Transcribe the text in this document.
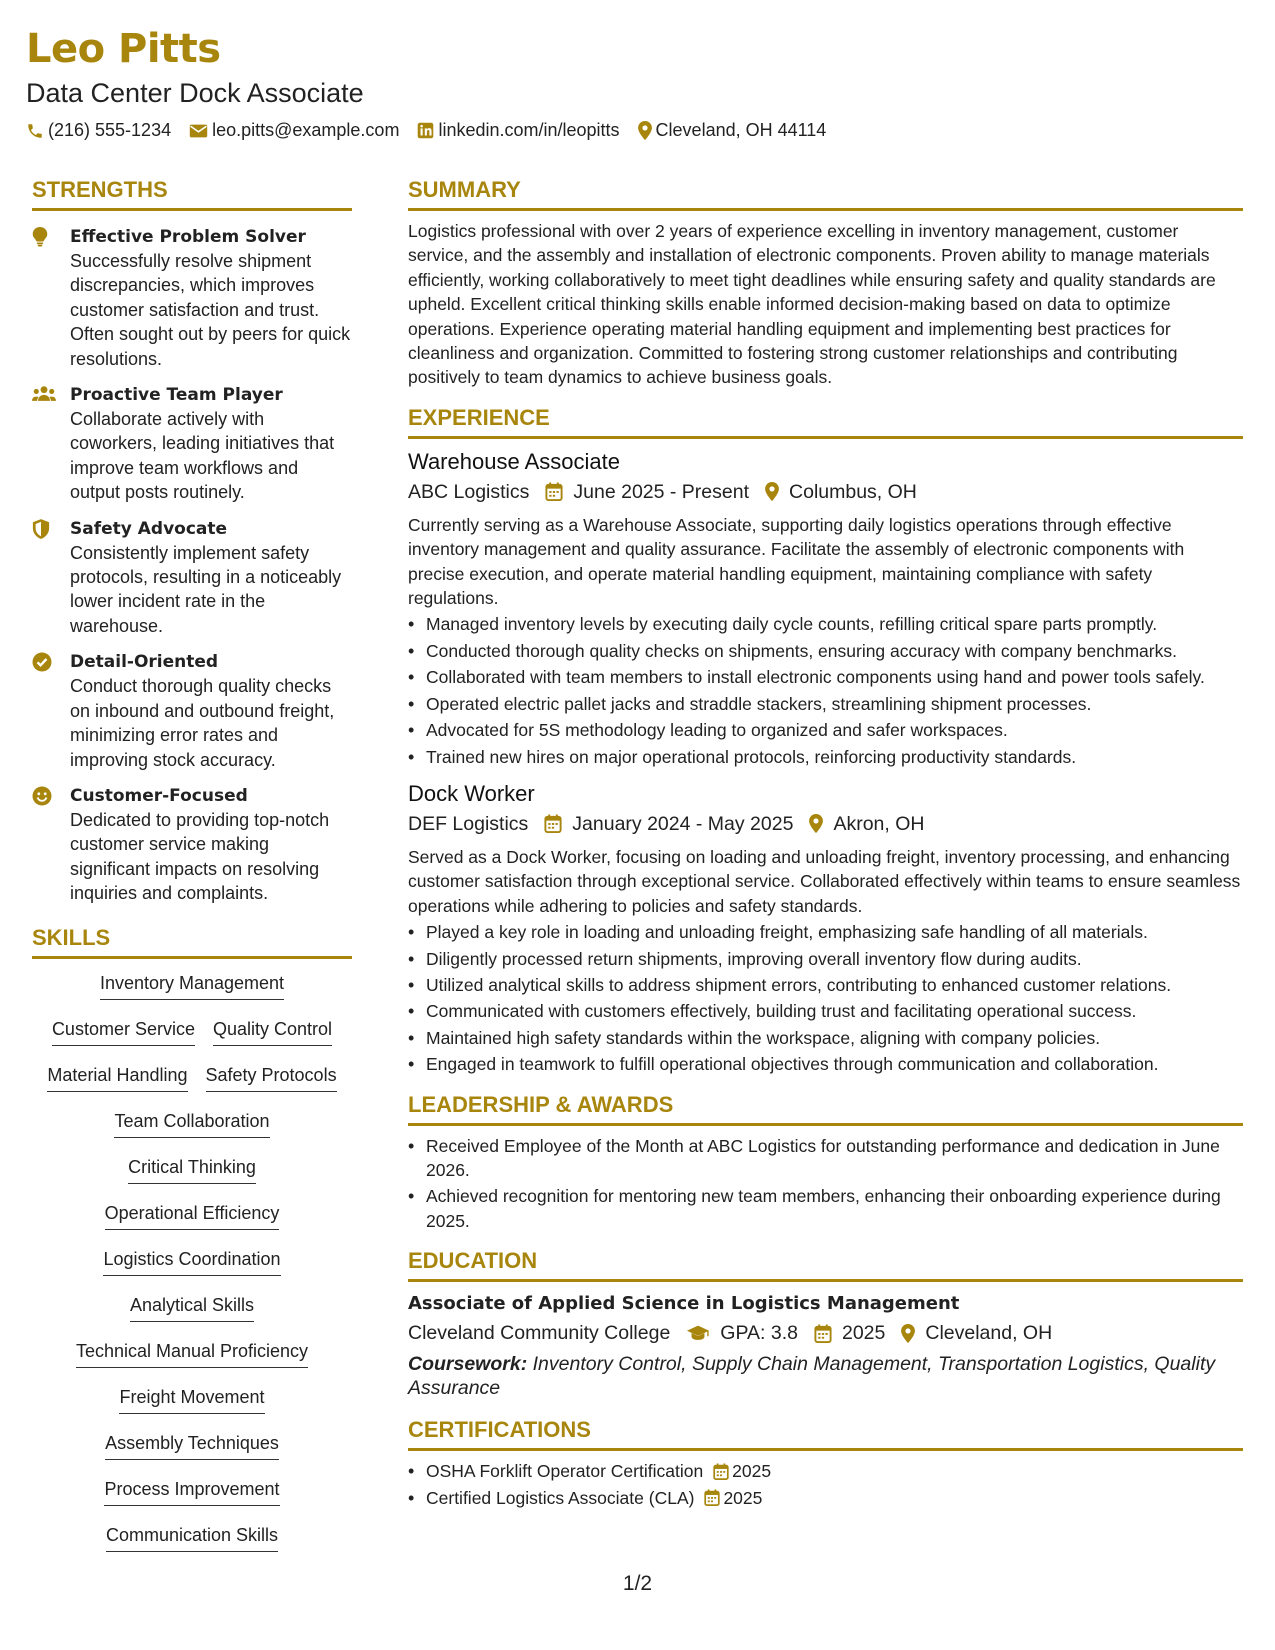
Leo Pitts
Data Center Dock Associate
(216) 555-1234 leo.pitts@example.com linkedin.com/in/leopitts Cleveland, OH 44114
STRENGTHS
Effective Problem Solver
Successfully resolve shipment discrepancies, which improves customer satisfaction and trust. Often sought out by peers for quick resolutions.
Proactive Team Player
Collaborate actively with coworkers, leading initiatives that improve team workflows and output posts routinely.
Safety Advocate
Consistently implement safety protocols, resulting in a noticeably lower incident rate in the warehouse.
Detail-Oriented
Conduct thorough quality checks on inbound and outbound freight, minimizing error rates and improving stock accuracy.
Customer-Focused
Dedicated to providing top-notch customer service making significant impacts on resolving inquiries and complaints.
SKILLS
Inventory Management
Customer Service Quality Control
Material Handling Safety Protocols
Team Collaboration
Critical Thinking
Operational Efficiency
Logistics Coordination
Analytical Skills
Technical Manual Proficiency
Freight Movement
Assembly Techniques
Process Improvement
Communication Skills
SUMMARY
Logistics professional with over 2 years of experience excelling in inventory management, customer service, and the assembly and installation of electronic components. Proven ability to manage materials efficiently, working collaboratively to meet tight deadlines while ensuring safety and quality standards are upheld. Excellent critical thinking skills enable informed decision-making based on data to optimize operations. Experience operating material handling equipment and implementing best practices for cleanliness and organization. Committed to fostering strong customer relationships and contributing positively to team dynamics to achieve business goals.
EXPERIENCE
Warehouse Associate
ABC Logistics June 2025 - Present Columbus, OH
Currently serving as a Warehouse Associate, supporting daily logistics operations through effective inventory management and quality assurance. Facilitate the assembly of electronic components with precise execution, and operate material handling equipment, maintaining compliance with safety regulations.
• Managed inventory levels by executing daily cycle counts, refilling critical spare parts promptly.
• Conducted thorough quality checks on shipments, ensuring accuracy with company benchmarks.
• Collaborated with team members to install electronic components using hand and power tools safely.
• Operated electric pallet jacks and straddle stackers, streamlining shipment processes.
• Advocated for 5S methodology leading to organized and safer workspaces.
• Trained new hires on major operational protocols, reinforcing productivity standards.
Dock Worker
DEF Logistics January 2024 - May 2025 Akron, OH
Served as a Dock Worker, focusing on loading and unloading freight, inventory processing, and enhancing customer satisfaction through exceptional service. Collaborated effectively within teams to ensure seamless operations while adhering to policies and safety standards.
• Played a key role in loading and unloading freight, emphasizing safe handling of all materials.
• Diligently processed return shipments, improving overall inventory flow during audits.
• Utilized analytical skills to address shipment errors, contributing to enhanced customer relations.
• Communicated with customers effectively, building trust and facilitating operational success.
• Maintained high safety standards within the workspace, aligning with company policies.
• Engaged in teamwork to fulfill operational objectives through communication and collaboration.
LEADERSHIP & AWARDS
• Received Employee of the Month at ABC Logistics for outstanding performance and dedication in June 2026.
• Achieved recognition for mentoring new team members, enhancing their onboarding experience during 2025.
EDUCATION
Associate of Applied Science in Logistics Management
Cleveland Community College	GPA: 3.8 2025 Cleveland, OH
Coursework: Inventory Control, Supply Chain Management, Transportation Logistics, Quality Assurance
CERTIFICATIONS
• OSHA Forklift Operator Certification 2025
• Certified Logistics Associate (CLA) 2025
1/2
